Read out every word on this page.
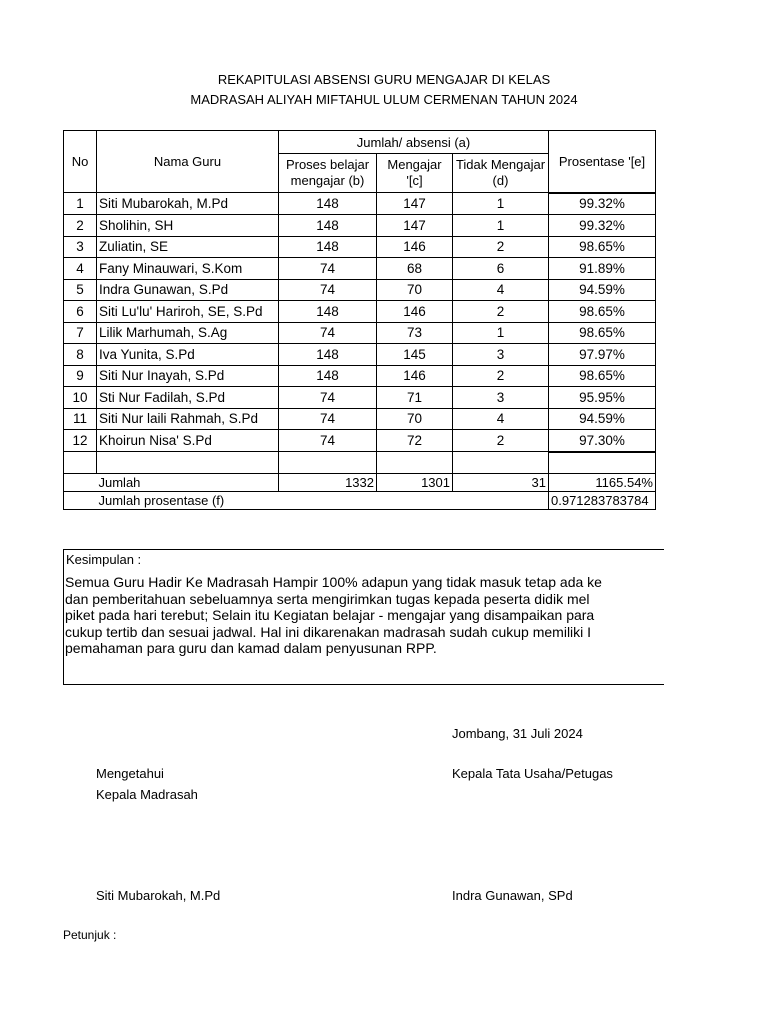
REKAPITULASI ABSENSI GURU MENGAJAR DI KELAS
MADRASAH ALIYAH MIFTAHUL ULUM CERMENAN TAHUN 2024
No	Nama Guru	Jumlah/ absensi (a)			Prosentase '[e]
		Proses belajar mengajar (b)	Mengajar '[c]	Tidak Mengajar (d)	
1	Siti Mubarokah, M.Pd	148	147	1	99.32%
2	Sholihin, SH	148	147	1	99.32%
3	Zuliatin, SE	148	146	2	98.65%
4	Fany Minauwari, S.Kom	74	68	6	91.89%
5	Indra Gunawan, S.Pd	74	70	4	94.59%
6	Siti Lu'lu' Hariroh, SE, S.Pd	148	146	2	98.65%
7	Lilik Marhumah, S.Ag	74	73	1	98.65%
8	Iva Yunita, S.Pd	148	145	3	97.97%
9	Siti Nur Inayah, S.Pd	148	146	2	98.65%
10	Sti Nur Fadilah, S.Pd	74	71	3	95.95%
11	Siti Nur laili Rahmah, S.Pd	74	70	4	94.59%
12	Khoirun Nisa' S.Pd	74	72	2	97.30%

	Jumlah	1332	1301	31	1165.54%
	Jumlah prosentase (f)				0.971283783784
Kesimpulan :
Semua Guru Hadir Ke Madrasah Hampir 100% adapun yang tidak masuk tetap ada ke
dan pemberitahuan sebeluamnya serta mengirimkan tugas kepada peserta didik mel
piket pada hari terebut; Selain itu Kegiatan belajar - mengajar yang disampaikan para
cukup tertib dan sesuai jadwal. Hal ini dikarenakan madrasah sudah cukup memiliki I
pemahaman para guru dan kamad dalam penyusunan RPP.
Jombang, 31 Juli 2024
Mengetahui
Kepala Madrasah
Kepala Tata Usaha/Petugas
Siti Mubarokah, M.Pd	Indra Gunawan, SPd
Petunjuk :
